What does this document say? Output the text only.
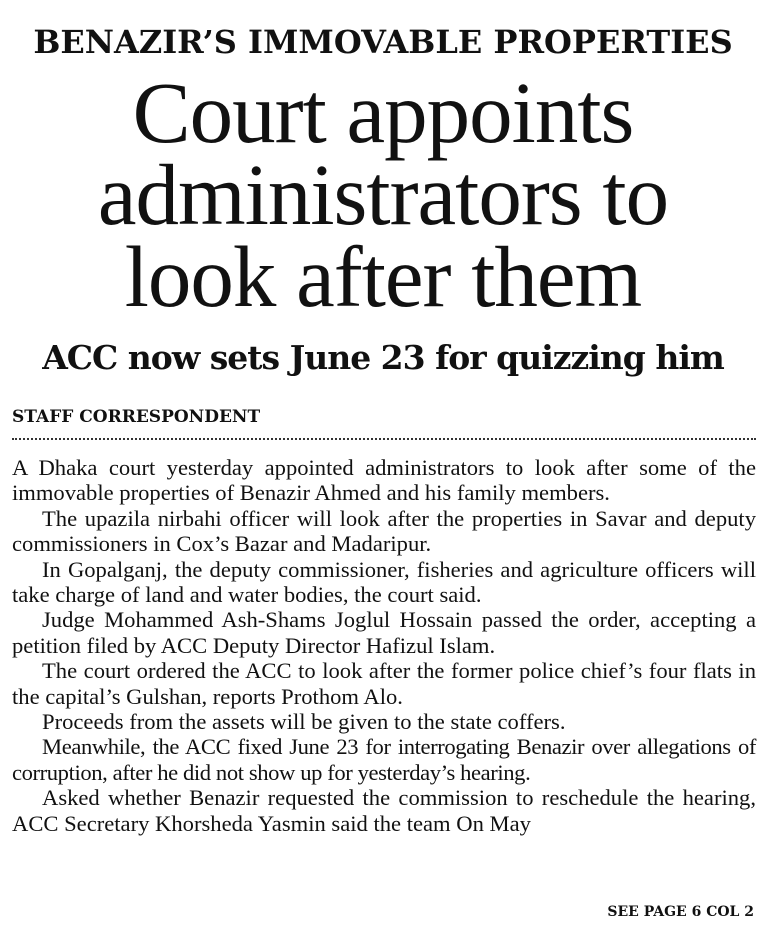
BENAZIR’S IMMOVABLE PROPERTIES
Court appoints
administrators to
look after them
ACC now sets June 23 for quizzing him
STAFF CORRESPONDENT

A Dhaka court yesterday appointed administrators to look after some of the immovable properties of Benazir Ahmed and his family members.

The upazila nirbahi officer will look after the properties in Savar and deputy commissioners in Cox’s Bazar and Madaripur.

In Gopalganj, the deputy commissioner, fisheries and agriculture officers will take charge of land and water bodies, the court said.

Judge Mohammed Ash-Shams Joglul Hossain passed the order, accepting a petition filed by ACC Deputy Director Hafizul Islam.

The court ordered the ACC to look after the former police chief’s four flats in the capital’s Gulshan, reports Prothom Alo.

Proceeds from the assets will be given to the state coffers.

Meanwhile, the ACC fixed June 23 for interrogating Benazir over allegations of corruption, after he did not show up for yesterday’s hearing.

Asked whether Benazir requested the commission to reschedule the hearing, ACC Secretary Khorsheda Yasmin said the team On May

SEE PAGE 6 COL 2
